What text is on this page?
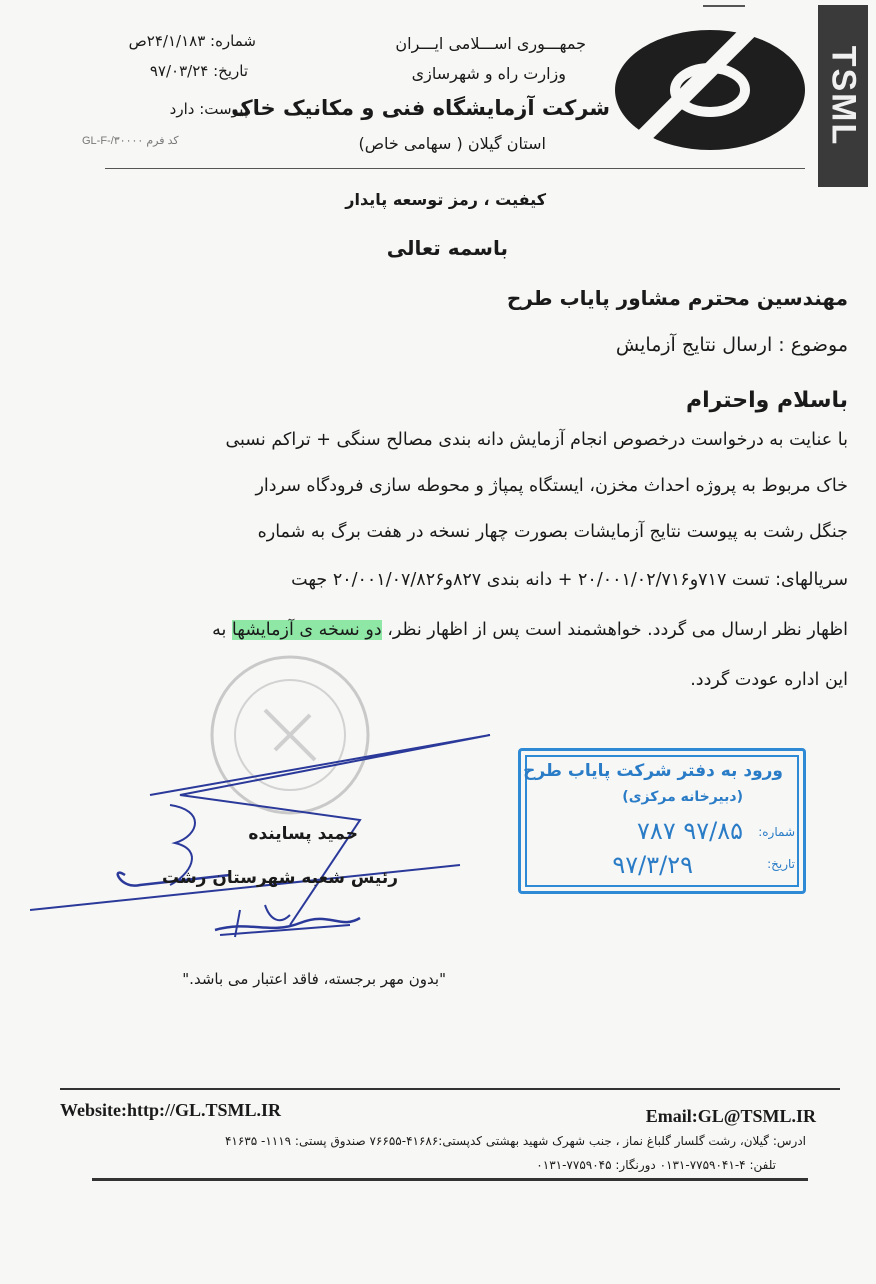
TSML
جمهـــوری اســـلامی ایـــران
وزارت راه و شهرسازی
شرکت آزمایشگاه فنی و مکانیک خاک
استان گیلان ( سهامی خاص)
شماره: ۲۴/۱/۱۸۳ص
تاریخ: ۹۷/۰۳/۲۴
پیوست: دارد
GL-F-/۳۰۰۰۰ کد فرم
کیفیت ، رمز توسعه پایدار
باسمه تعالی
مهندسین محترم مشاور پایاب طرح
موضوع : ارسال نتایج آزمایش
باسلام واحترام
با عنایت به درخواست درخصوص انجام آزمایش دانه بندی مصالح سنگی + تراکم نسبی
خاک مربوط به پروژه احداث مخزن، ایستگاه پمپاژ و محوطه سازی فرودگاه سردار
جنگل رشت به پیوست نتایج آزمایشات بصورت چهار نسخه در هفت برگ به شماره
سریالهای: تست ۷۱۷و۲۰/۰۰۱/۰۲/۷۱۶ + دانه بندی ۸۲۷و۲۰/۰۰۱/۰۷/۸۲۶ جهت
اظهار نظر ارسال می گردد. خواهشمند است پس از اظهار نظر، دو نسخه ی آزمایشها به
این اداره عودت گردد.
حمید پساینده
رئیس شعبه شهرستان رشت
ورود به دفتر شرکت پایاب طرح
(دبیرخانه مرکزی)
شماره:
۹۷/۸۵ ۷۸۷
تاریخ:
۹۷/۳/۲۹
"بدون مهر برجسته، فاقد اعتبار می باشد."
Website:http://GL.TSML.IR	Email:GL@TSML.IR
ادرس: گیلان، رشت گلسار گلباغ نماز ، جنب شهرک شهید بهشتی کدپستی:۴۱۶۸۶-۷۶۶۵۵ صندوق پستی: ۱۱۱۹- ۴۱۶۳۵
تلفن: ۴-۷۷۵۹۰۴۱-۰۱۳۱ دورنگار: ۷۷۵۹۰۴۵-۰۱۳۱
